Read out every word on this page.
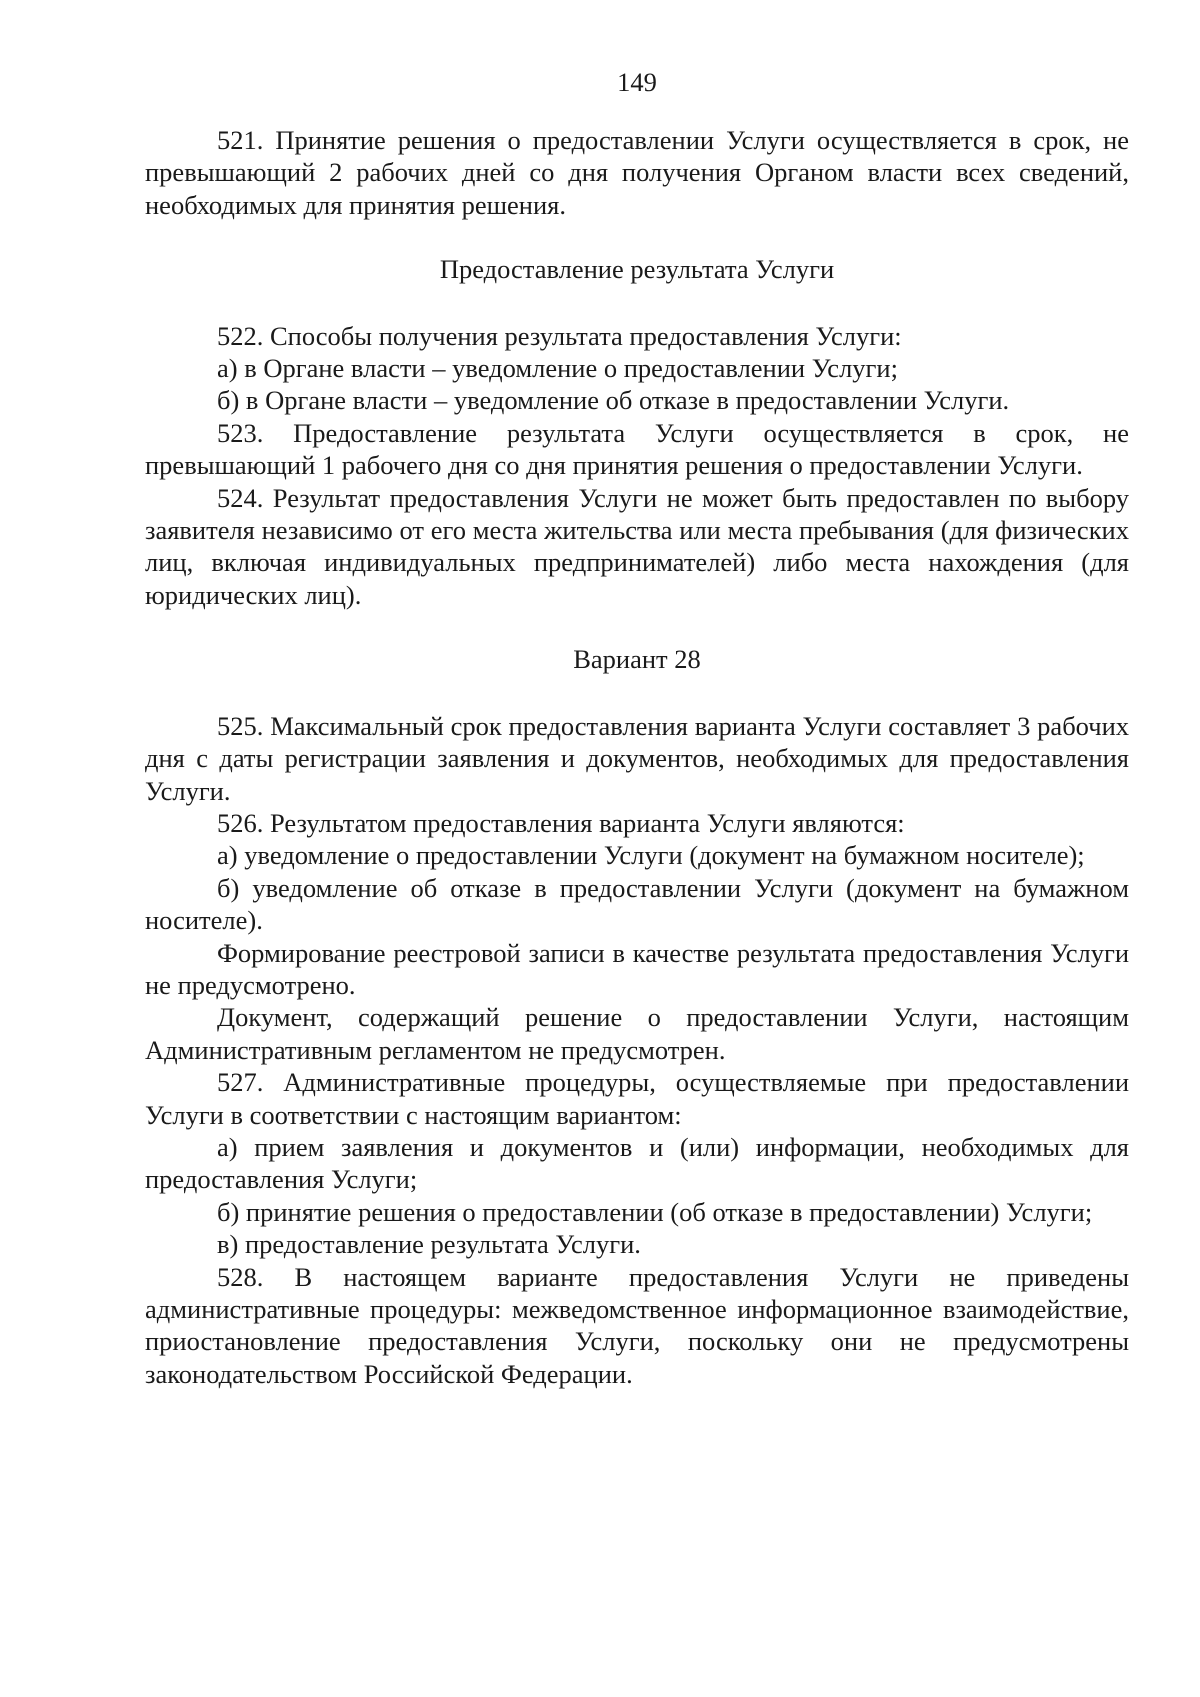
149

521. Принятие решения о предоставлении Услуги осуществляется в срок, не превышающий 2 рабочих дней со дня получения Органом власти всех сведений, необходимых для принятия решения.

Предоставление результата Услуги

522. Способы получения результата предоставления Услуги:

а) в Органе власти – уведомление о предоставлении Услуги;

б) в Органе власти – уведомление об отказе в предоставлении Услуги.

523. Предоставление результата Услуги осуществляется в срок, не превышающий 1 рабочего дня со дня принятия решения о предоставлении Услуги.

524. Результат предоставления Услуги не может быть предоставлен по выбору заявителя независимо от его места жительства или места пребывания (для физических лиц, включая индивидуальных предпринимателей) либо места нахождения (для юридических лиц).

Вариант 28

525. Максимальный срок предоставления варианта Услуги составляет 3 рабочих дня с даты регистрации заявления и документов, необходимых для предоставления Услуги.

526. Результатом предоставления варианта Услуги являются:

а) уведомление о предоставлении Услуги (документ на бумажном носителе);

б) уведомление об отказе в предоставлении Услуги (документ на бумажном носителе).

Формирование реестровой записи в качестве результата предоставления Услуги не предусмотрено.

Документ, содержащий решение о предоставлении Услуги, настоящим Административным регламентом не предусмотрен.

527. Административные процедуры, осуществляемые при предоставлении Услуги в соответствии с настоящим вариантом:

а) прием заявления и документов и (или) информации, необходимых для предоставления Услуги;

б) принятие решения о предоставлении (об отказе в предоставлении) Услуги;

в) предоставление результата Услуги.

528. В настоящем варианте предоставления Услуги не приведены административные процедуры: межведомственное информационное взаимодействие, приостановление предоставления Услуги, поскольку они не предусмотрены законодательством Российской Федерации.
